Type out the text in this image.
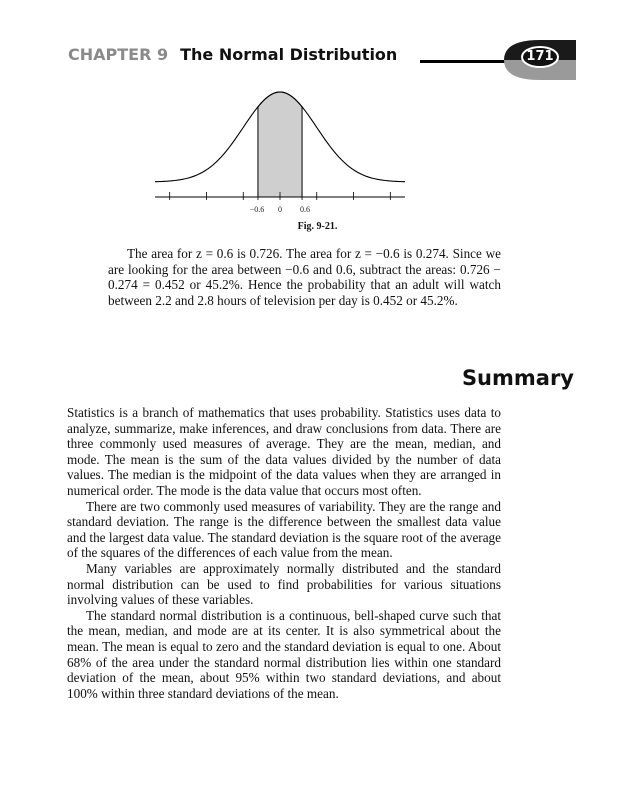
CHAPTER 9 The Normal Distribution	171
−0.6 0 0.6
Fig. 9-21.

The area for z = 0.6 is 0.726. The area for z = −0.6 is 0.274. Since we are looking for the area between −0.6 and 0.6, subtract the areas: 0.726 − 0.274 = 0.452 or 45.2%. Hence the probability that an adult will watch between 2.2 and 2.8 hours of television per day is 0.452 or 45.2%.

Summary

Statistics is a branch of mathematics that uses probability. Statistics uses data to analyze, summarize, make inferences, and draw conclusions from data. There are three commonly used measures of average. They are the mean, median, and mode. The mean is the sum of the data values divided by the number of data values. The median is the midpoint of the data values when they are arranged in numerical order. The mode is the data value that occurs most often.

There are two commonly used measures of variability. They are the range and standard deviation. The range is the difference between the smallest data value and the largest data value. The standard deviation is the square root of the average of the squares of the differences of each value from the mean.

Many variables are approximately normally distributed and the standard normal distribution can be used to find probabilities for various situations involving values of these variables.

The standard normal distribution is a continuous, bell-shaped curve such that the mean, median, and mode are at its center. It is also symmetrical about the mean. The mean is equal to zero and the standard deviation is equal to one. About 68% of the area under the standard normal distribution lies within one standard deviation of the mean, about 95% within two standard deviations, and about 100% within three standard deviations of the mean.
